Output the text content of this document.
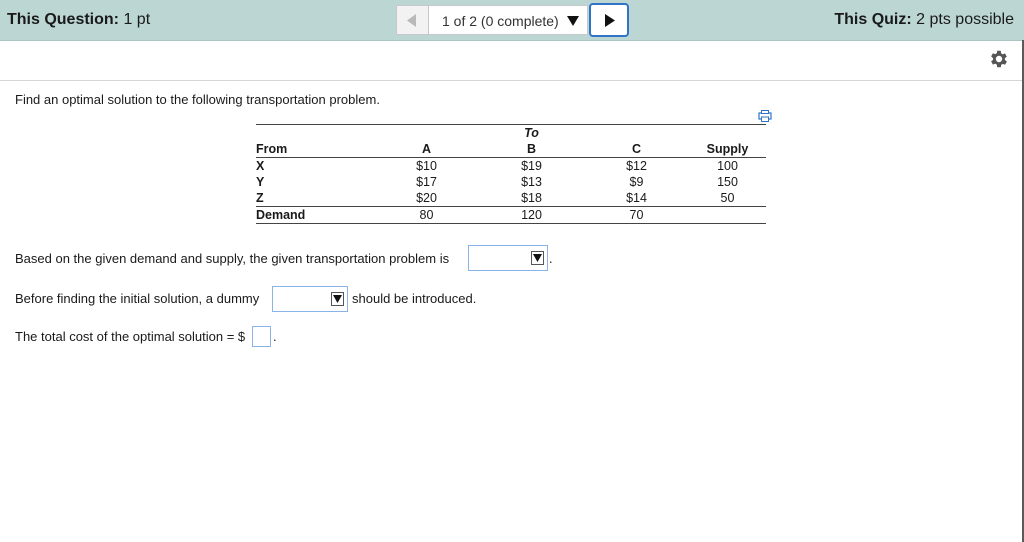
This Question: 1 pt	1 of 2 (0 complete)	This Quiz: 2 pts possible
Find an optimal solution to the following transportation problem.
		To		
From	A	B	C	Supply
X	$10	$19	$12	100
Y	$17	$13	$9	150
Z	$20	$18	$14	50
Demand	80	120	70	
Based on the given demand and supply, the given transportation problem is	.
Before finding the initial solution, a dummy	should be introduced.
The total cost of the optimal solution = $ .
